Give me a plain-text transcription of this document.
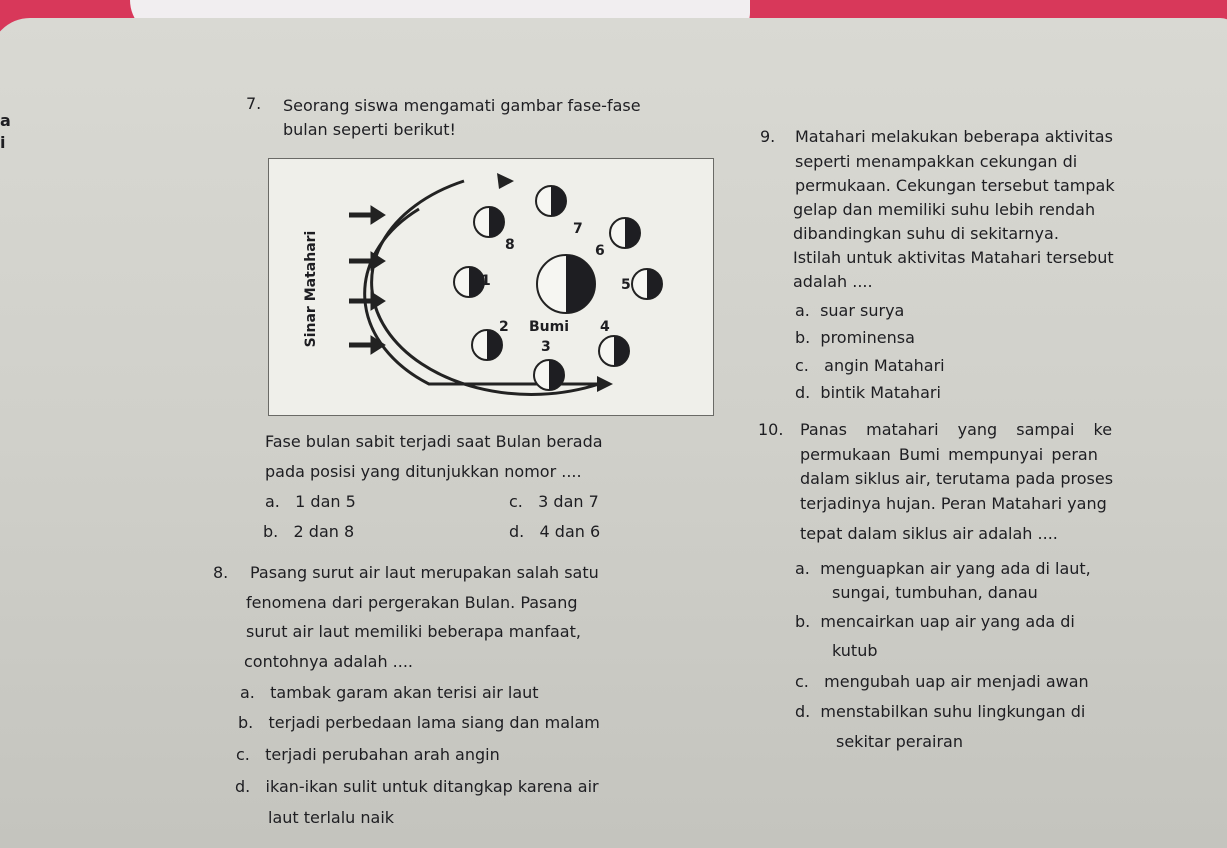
a
i
7. Seorang siswa mengamati gambar fase-fase
bulan seperti berikut!
Sinar Matahari	Bumi
1
2
3
4
5
6
7
8
Fase bulan sabit terjadi saat Bulan berada
pada posisi yang ditunjukkan nomor ....
a. 1 dan 5
b. 2 dan 8
c. 3 dan 7
d. 4 dan 6
8. Pasang surut air laut merupakan salah satu
fenomena dari pergerakan Bulan. Pasang
surut air laut memiliki beberapa manfaat,
contohnya adalah ....
a. tambak garam akan terisi air laut
b. terjadi perbedaan lama siang dan malam
c. terjadi perubahan arah angin
d. ikan-ikan sulit untuk ditangkap karena air
laut terlalu naik
9. Matahari melakukan beberapa aktivitas
seperti menampakkan cekungan di
permukaan. Cekungan tersebut tampak
gelap dan memiliki suhu lebih rendah
dibandingkan suhu di sekitarnya.
Istilah untuk aktivitas Matahari tersebut
adalah ....
a. suar surya
b. prominensa
c. angin Matahari
d. bintik Matahari
10. Panas matahari yang sampai ke
permukaan Bumi mempunyai peran
dalam siklus air, terutama pada proses
terjadinya hujan. Peran Matahari yang
tepat dalam siklus air adalah ....
a. menguapkan air yang ada di laut,
sungai, tumbuhan, danau
b. mencairkan uap air yang ada di
kutub
c. mengubah uap air menjadi awan
d. menstabilkan suhu lingkungan di
sekitar perairan
